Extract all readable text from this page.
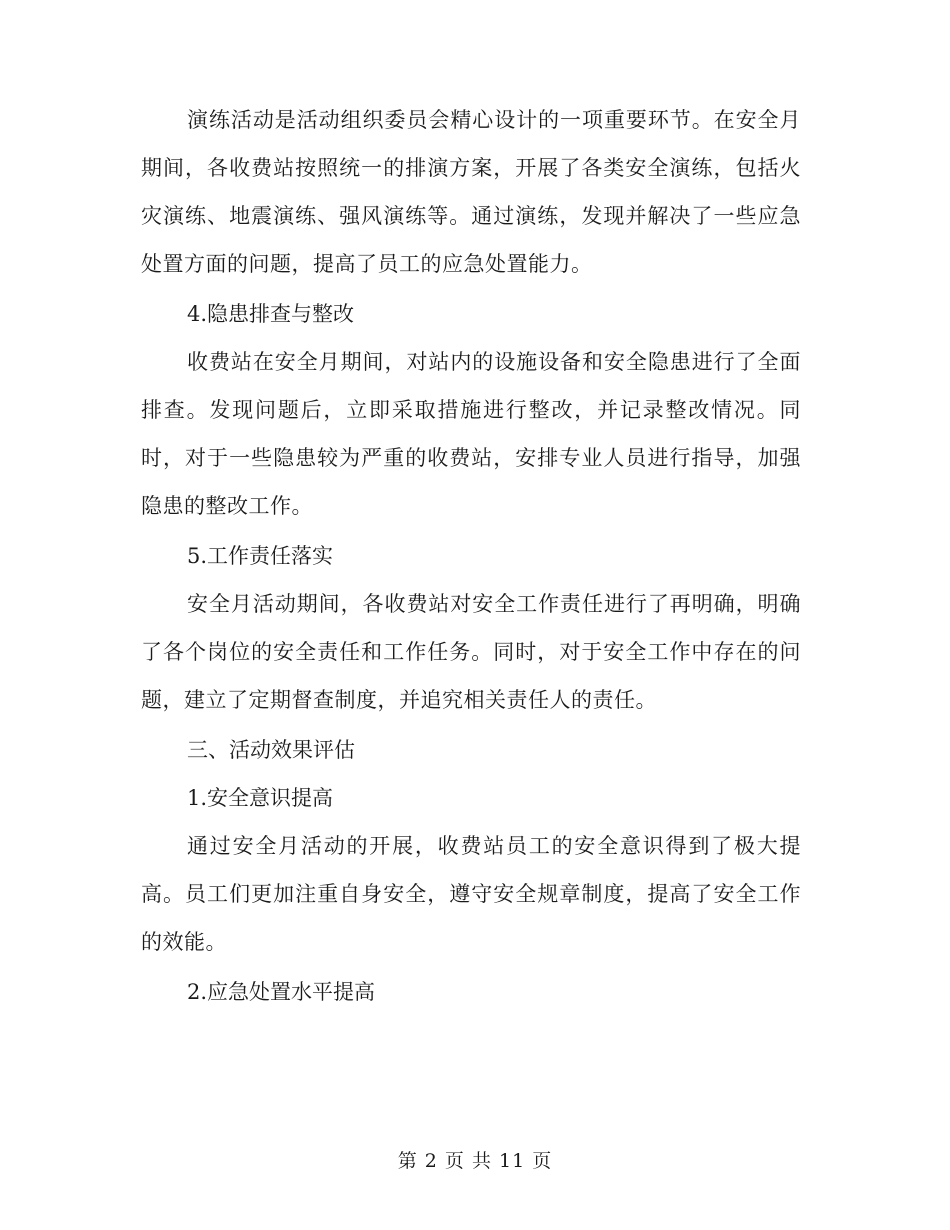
演练活动是活动组织委员会精心设计的一项重要环节。在安全月期间，各收费站按照统一的排演方案，开展了各类安全演练，包括火灾演练、地震演练、强风演练等。通过演练，发现并解决了一些应急处置方面的问题，提高了员工的应急处置能力。

4.隐患排查与整改

收费站在安全月期间，对站内的设施设备和安全隐患进行了全面排查。发现问题后，立即采取措施进行整改，并记录整改情况。同时，对于一些隐患较为严重的收费站，安排专业人员进行指导，加强隐患的整改工作。

5.工作责任落实

安全月活动期间，各收费站对安全工作责任进行了再明确，明确了各个岗位的安全责任和工作任务。同时，对于安全工作中存在的问题，建立了定期督查制度，并追究相关责任人的责任。

三、活动效果评估

1.安全意识提高

通过安全月活动的开展，收费站员工的安全意识得到了极大提高。员工们更加注重自身安全，遵守安全规章制度，提高了安全工作的效能。

2.应急处置水平提高

第 2 页 共 11 页
